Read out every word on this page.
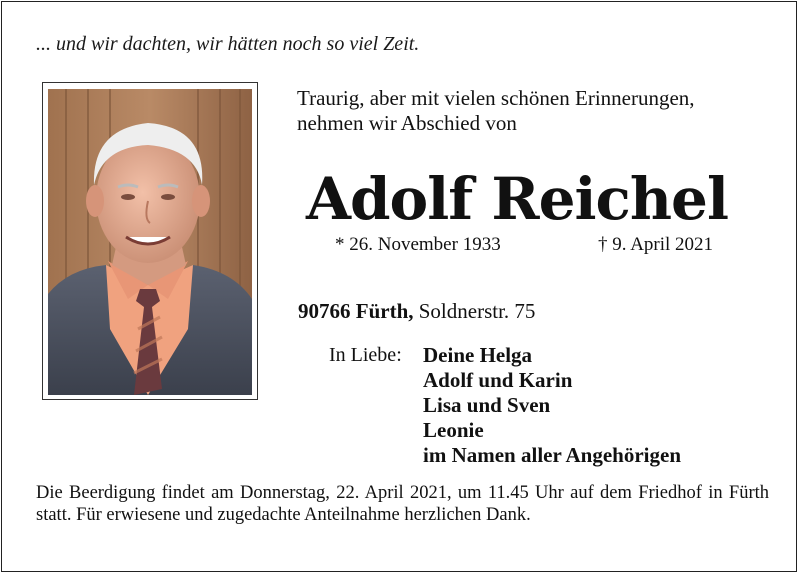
... und wir dachten, wir hätten noch so viel Zeit.
Traurig, aber mit vielen schönen Erinnerungen,
nehmen wir Abschied von
Adolf Reichel
* 26. November 1933	† 9. April 2021
90766 Fürth, Soldnerstr. 75
In Liebe: Deine Helga
Adolf und Karin
Lisa und Sven
Leonie
im Namen aller Angehörigen
Die Beerdigung findet am Donnerstag, 22. April 2021, um 11.45 Uhr auf dem Friedhof in Fürth statt. Für erwiesene und zugedachte Anteilnahme herzlichen Dank.
